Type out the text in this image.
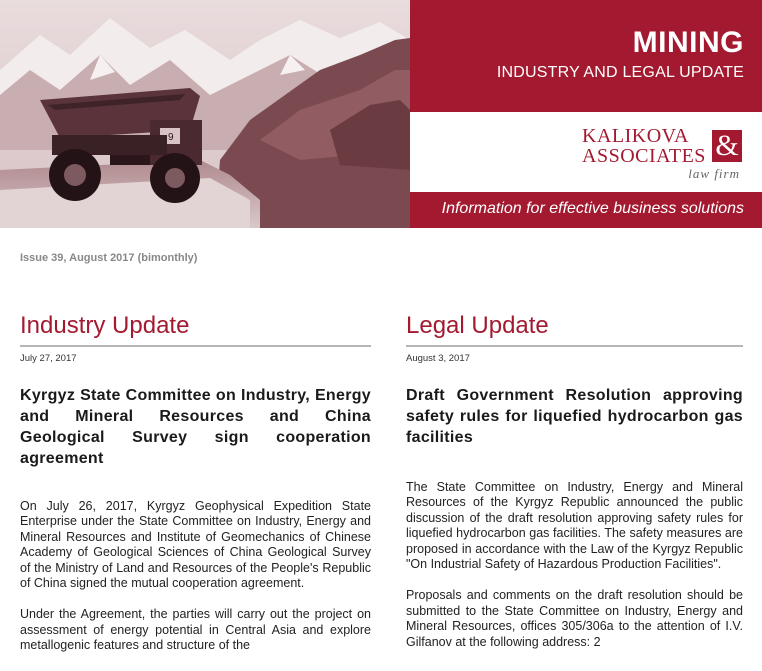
9
MINING
INDUSTRY AND LEGAL UPDATE
KALIKOVA
ASSOCIATES &
law firm
Information for effective business solutions
Issue 39, August 2017 (bimonthly)
Industry Update
July 27, 2017
Kyrgyz State Committee on Industry, Energy and Mineral Resources and China Geological Survey sign cooperation agreement

On July 26, 2017, Kyrgyz Geophysical Expedition State Enterprise under the State Committee on Industry, Energy and Mineral Resources and Institute of Geomechanics of Chinese Academy of Geological Sciences of China Geological Survey of the Ministry of Land and Resources of the People's Republic of China signed the mutual cooperation agreement.

Under the Agreement, the parties will carry out the project on assessment of energy potential in Central Asia and explore metallogenic features and structure of the

Legal Update
August 3, 2017
Draft Government Resolution approving safety rules for liquefied hydrocarbon gas facilities

The State Committee on Industry, Energy and Mineral Resources of the Kyrgyz Republic announced the public discussion of the draft resolution approving safety rules for liquefied hydrocarbon gas facilities. The safety measures are proposed in accordance with the Law of the Kyrgyz Republic "On Industrial Safety of Hazardous Production Facilities".

Proposals and comments on the draft resolution should be submitted to the State Committee on Industry, Energy and Mineral Resources, offices 305/306a to the attention of I.V. Gilfanov at the following address: 2
